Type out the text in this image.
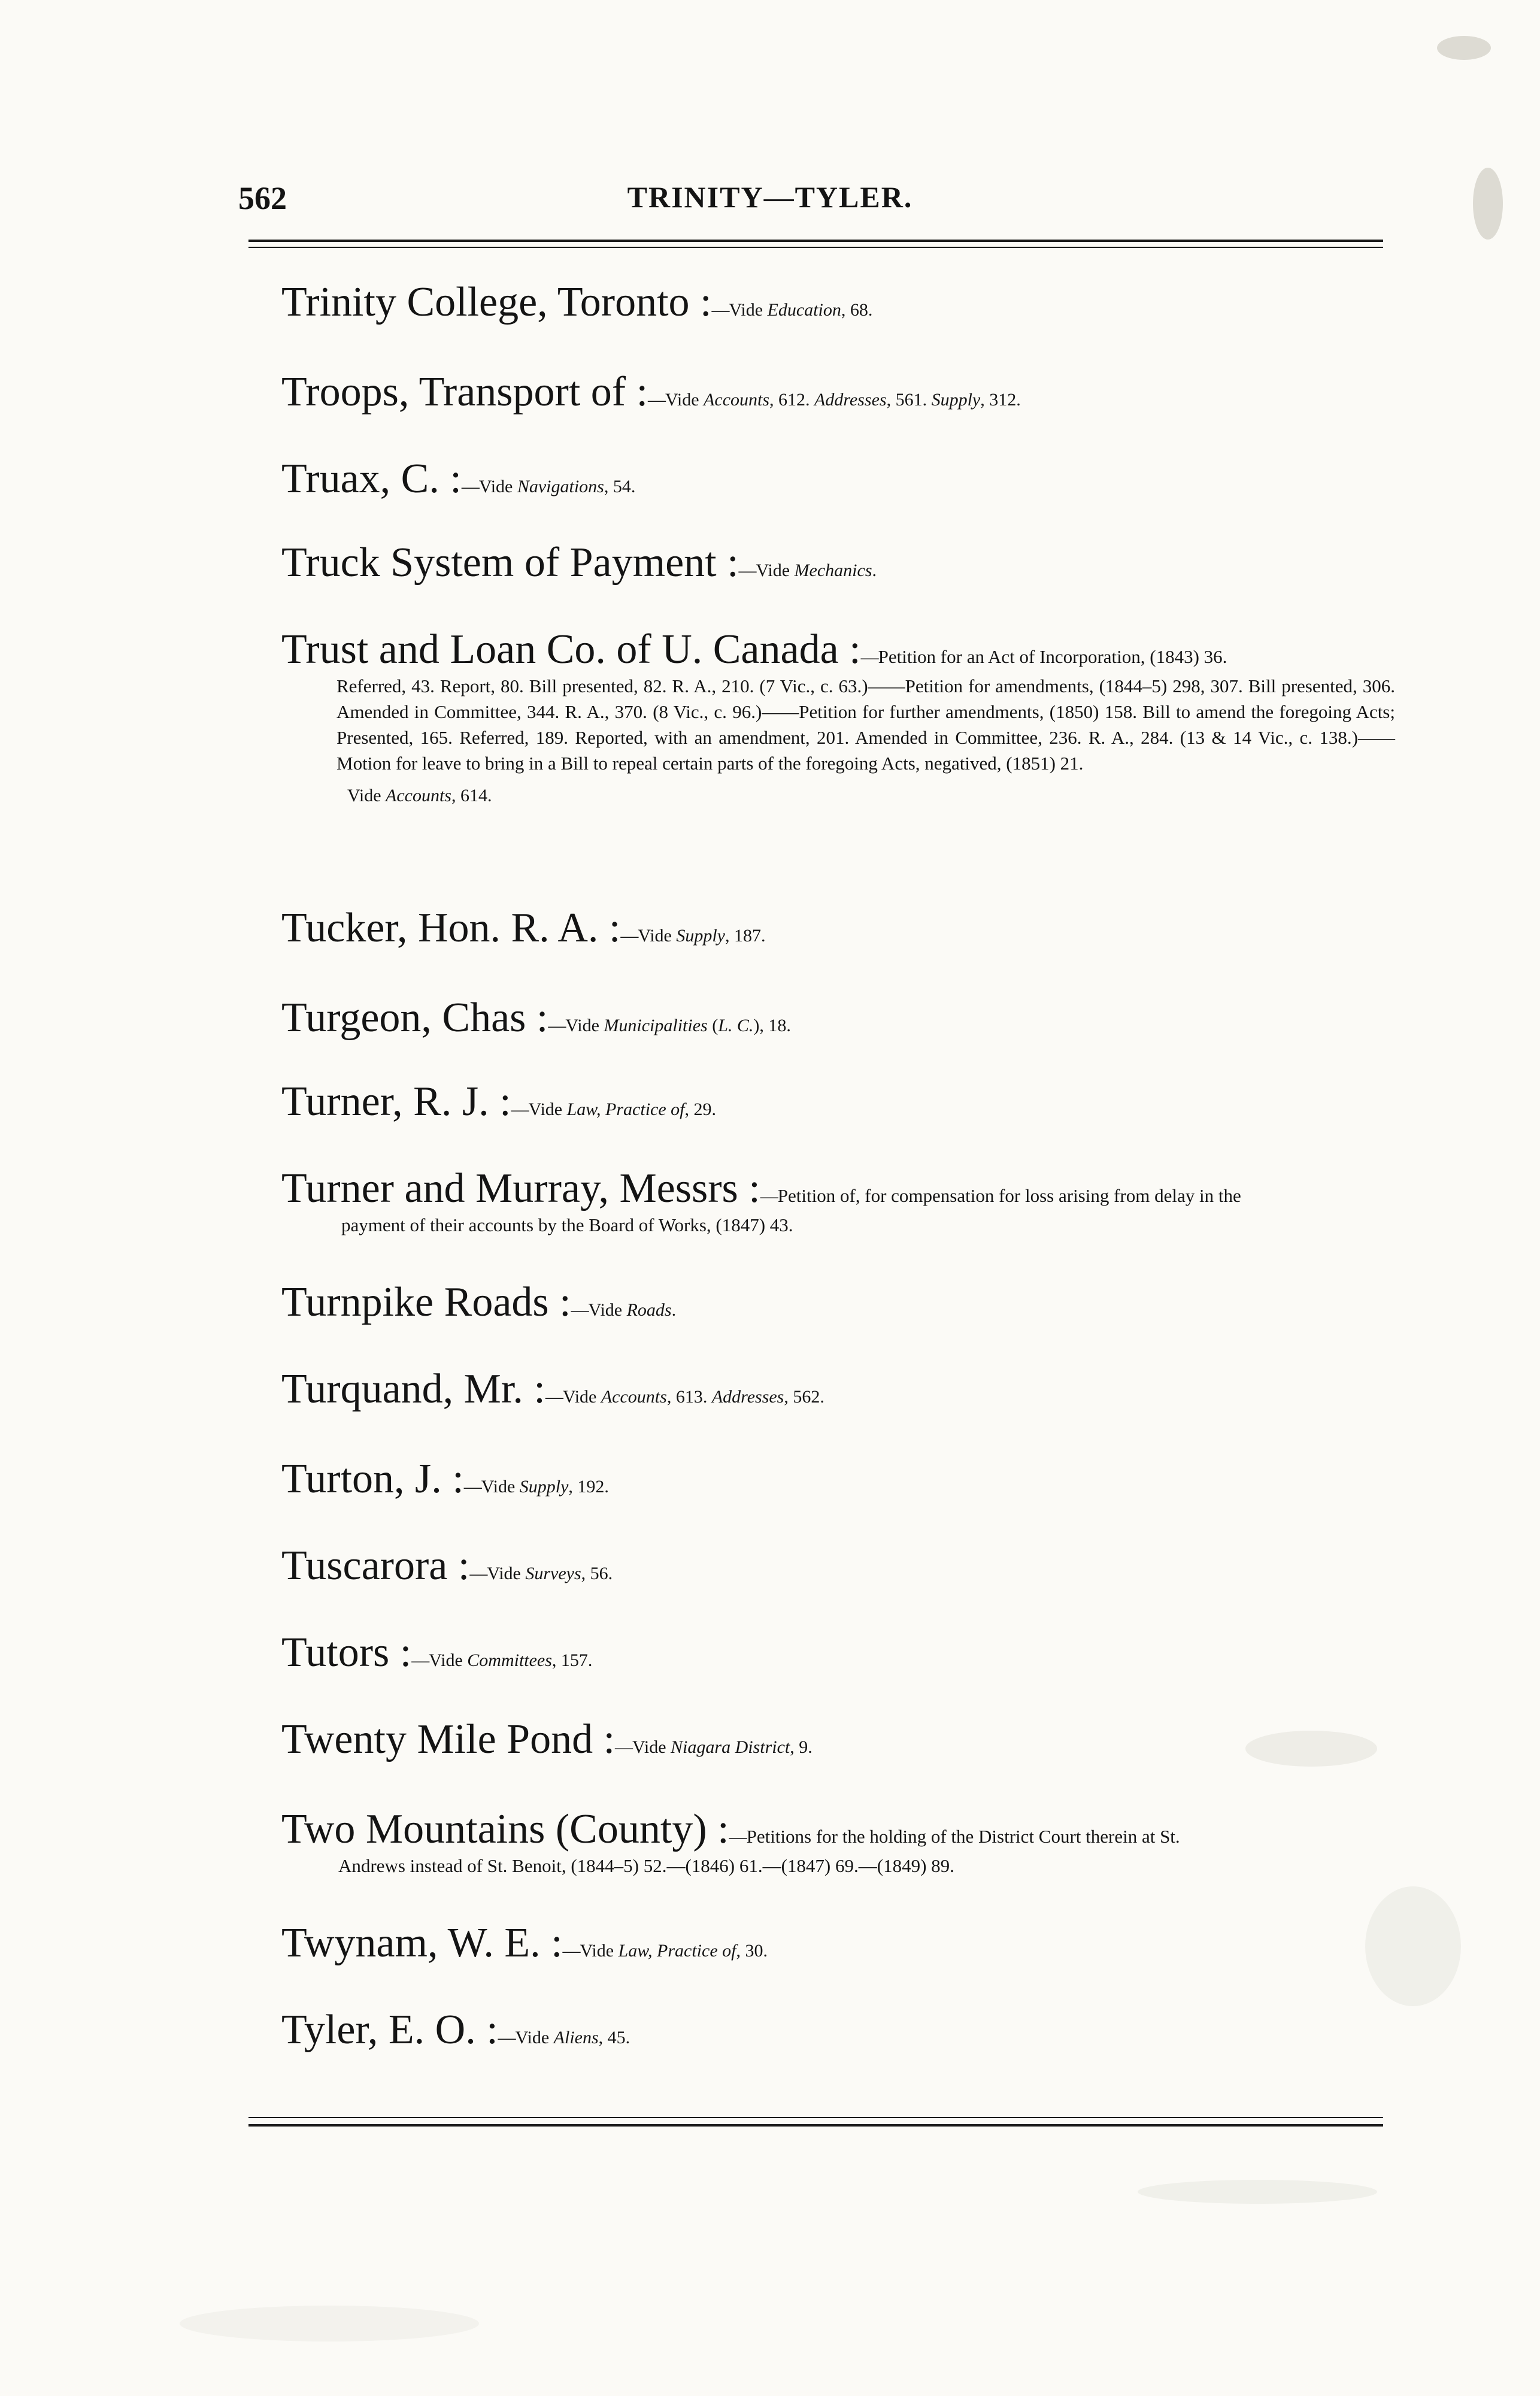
562	TRINITY—TYLER.
Trinity College, Toronto :—Vide Education, 68.
Troops, Transport of :—Vide Accounts, 612. Addresses, 561. Supply, 312.
Truax, C. :—Vide Navigations, 54.
Truck System of Payment :—Vide Mechanics.
Trust and Loan Co. of U. Canada :—Petition for an Act of Incorporation, (1843) 36.
Referred, 43. Report, 80. Bill presented, 82. R. A., 210. (7 Vic., c. 63.)——Petition for amendments, (1844–5) 298, 307. Bill presented, 306. Amended in Committee, 344. R. A., 370. (8 Vic., c. 96.)——Petition for further amendments, (1850) 158. Bill to amend the foregoing Acts; Presented, 165. Referred, 189. Reported, with an amendment, 201. Amended in Committee, 236. R. A., 284. (13 & 14 Vic., c. 138.)——Motion for leave to bring in a Bill to repeal certain parts of the foregoing Acts, negatived, (1851) 21.
Vide Accounts, 614.
Tucker, Hon. R. A. :—Vide Supply, 187.
Turgeon, Chas :—Vide Municipalities (L. C.), 18.
Turner, R. J. :—Vide Law, Practice of, 29.
Turner and Murray, Messrs :—Petition of, for compensation for loss arising from delay in the
payment of their accounts by the Board of Works, (1847) 43.
Turnpike Roads :—Vide Roads.
Turquand, Mr. :—Vide Accounts, 613. Addresses, 562.
Turton, J. :—Vide Supply, 192.
Tuscarora :—Vide Surveys, 56.
Tutors :—Vide Committees, 157.
Twenty Mile Pond :—Vide Niagara District, 9.
Two Mountains (County) :—Petitions for the holding of the District Court therein at St.
Andrews instead of St. Benoit, (1844–5) 52.—(1846) 61.—(1847) 69.—(1849) 89.
Twynam, W. E. :—Vide Law, Practice of, 30.
Tyler, E. O. :—Vide Aliens, 45.
